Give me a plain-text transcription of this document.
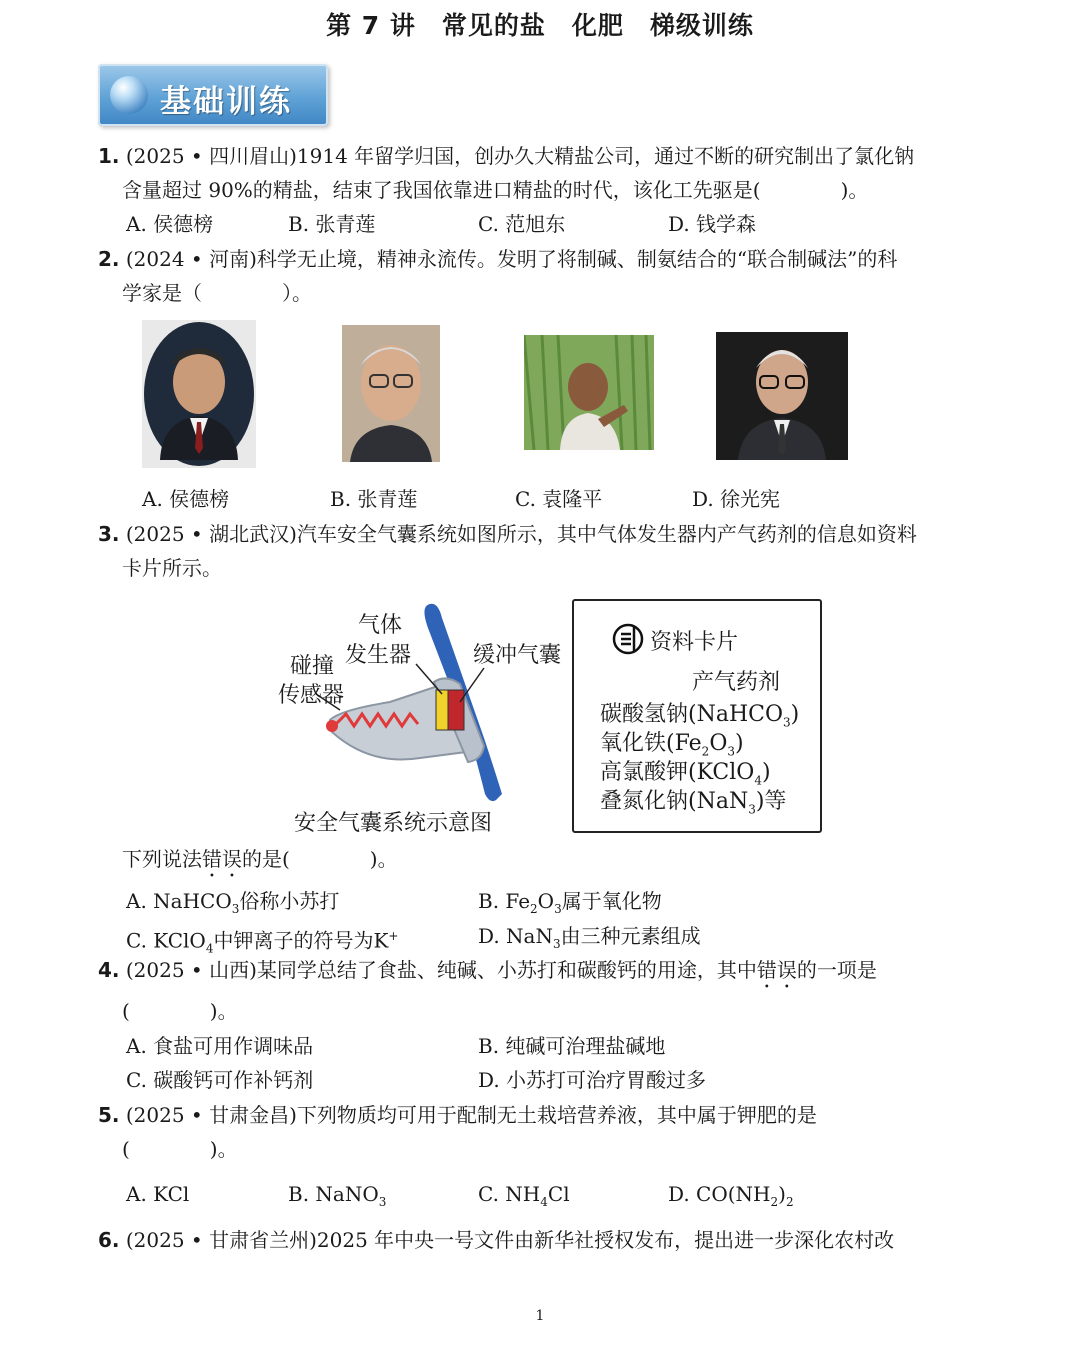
第 7 讲　常见的盐　化肥　梯级训练
基础训练
1. (2025 • 四川眉山)1914 年留学归国，创办久大精盐公司，通过不断的研究制出了氯化钠
含量超过 90%的精盐，结束了我国依靠进口精盐的时代，该化工先驱是(　　　　)。
A. 侯德榜	B. 张青莲	C. 范旭东	D. 钱学森
2. (2024 • 河南)科学无止境，精神永流传。发明了将制碱、制氨结合的“联合制碱法”的科
学家是（　　　　）。
A. 侯德榜	B. 张青莲	C. 袁隆平	D. 徐光宪
3. (2025 • 湖北武汉)汽车安全气囊系统如图所示，其中气体发生器内产气药剂的信息如资料
卡片所示。
气体
发生器
碰撞
传感器
缓冲气囊
安全气囊系统示意图
资料卡片
产气药剂
碳酸氢钠(NaHCO$_3$)
氧化铁$(Fe_2O_3)$
高氯酸钾(KClO$_4$)
叠氮化钠(NaN$_3$)等
下列说法错误的是(　　　　)。
A. NaHCO$_3$俗称小苏打	B. $Fe_2O_3$属于氧化物
C. KClO$_4$中钾离子的符号为K+	D. NaN$_3$由三种元素组成
4. (2025 • 山西)某同学总结了食盐、纯碱、小苏打和碳酸钙的用途，其中错误的一项是
(　　　　)。
A. 食盐可用作调味品	B. 纯碱可治理盐碱地
C. 碳酸钙可作补钙剂	D. 小苏打可治疗胃酸过多
5. (2025 • 甘肃金昌)下列物质均可用于配制无土栽培营养液，其中属于钾肥的是
(　　　　)。
A. KCl	B. NaNO$_3$	C. $NH_4Cl$	D. $CO(NH_2)_2$
6. (2025 • 甘肃省兰州)2025 年中央一号文件由新华社授权发布，提出进一步深化农村改
1
